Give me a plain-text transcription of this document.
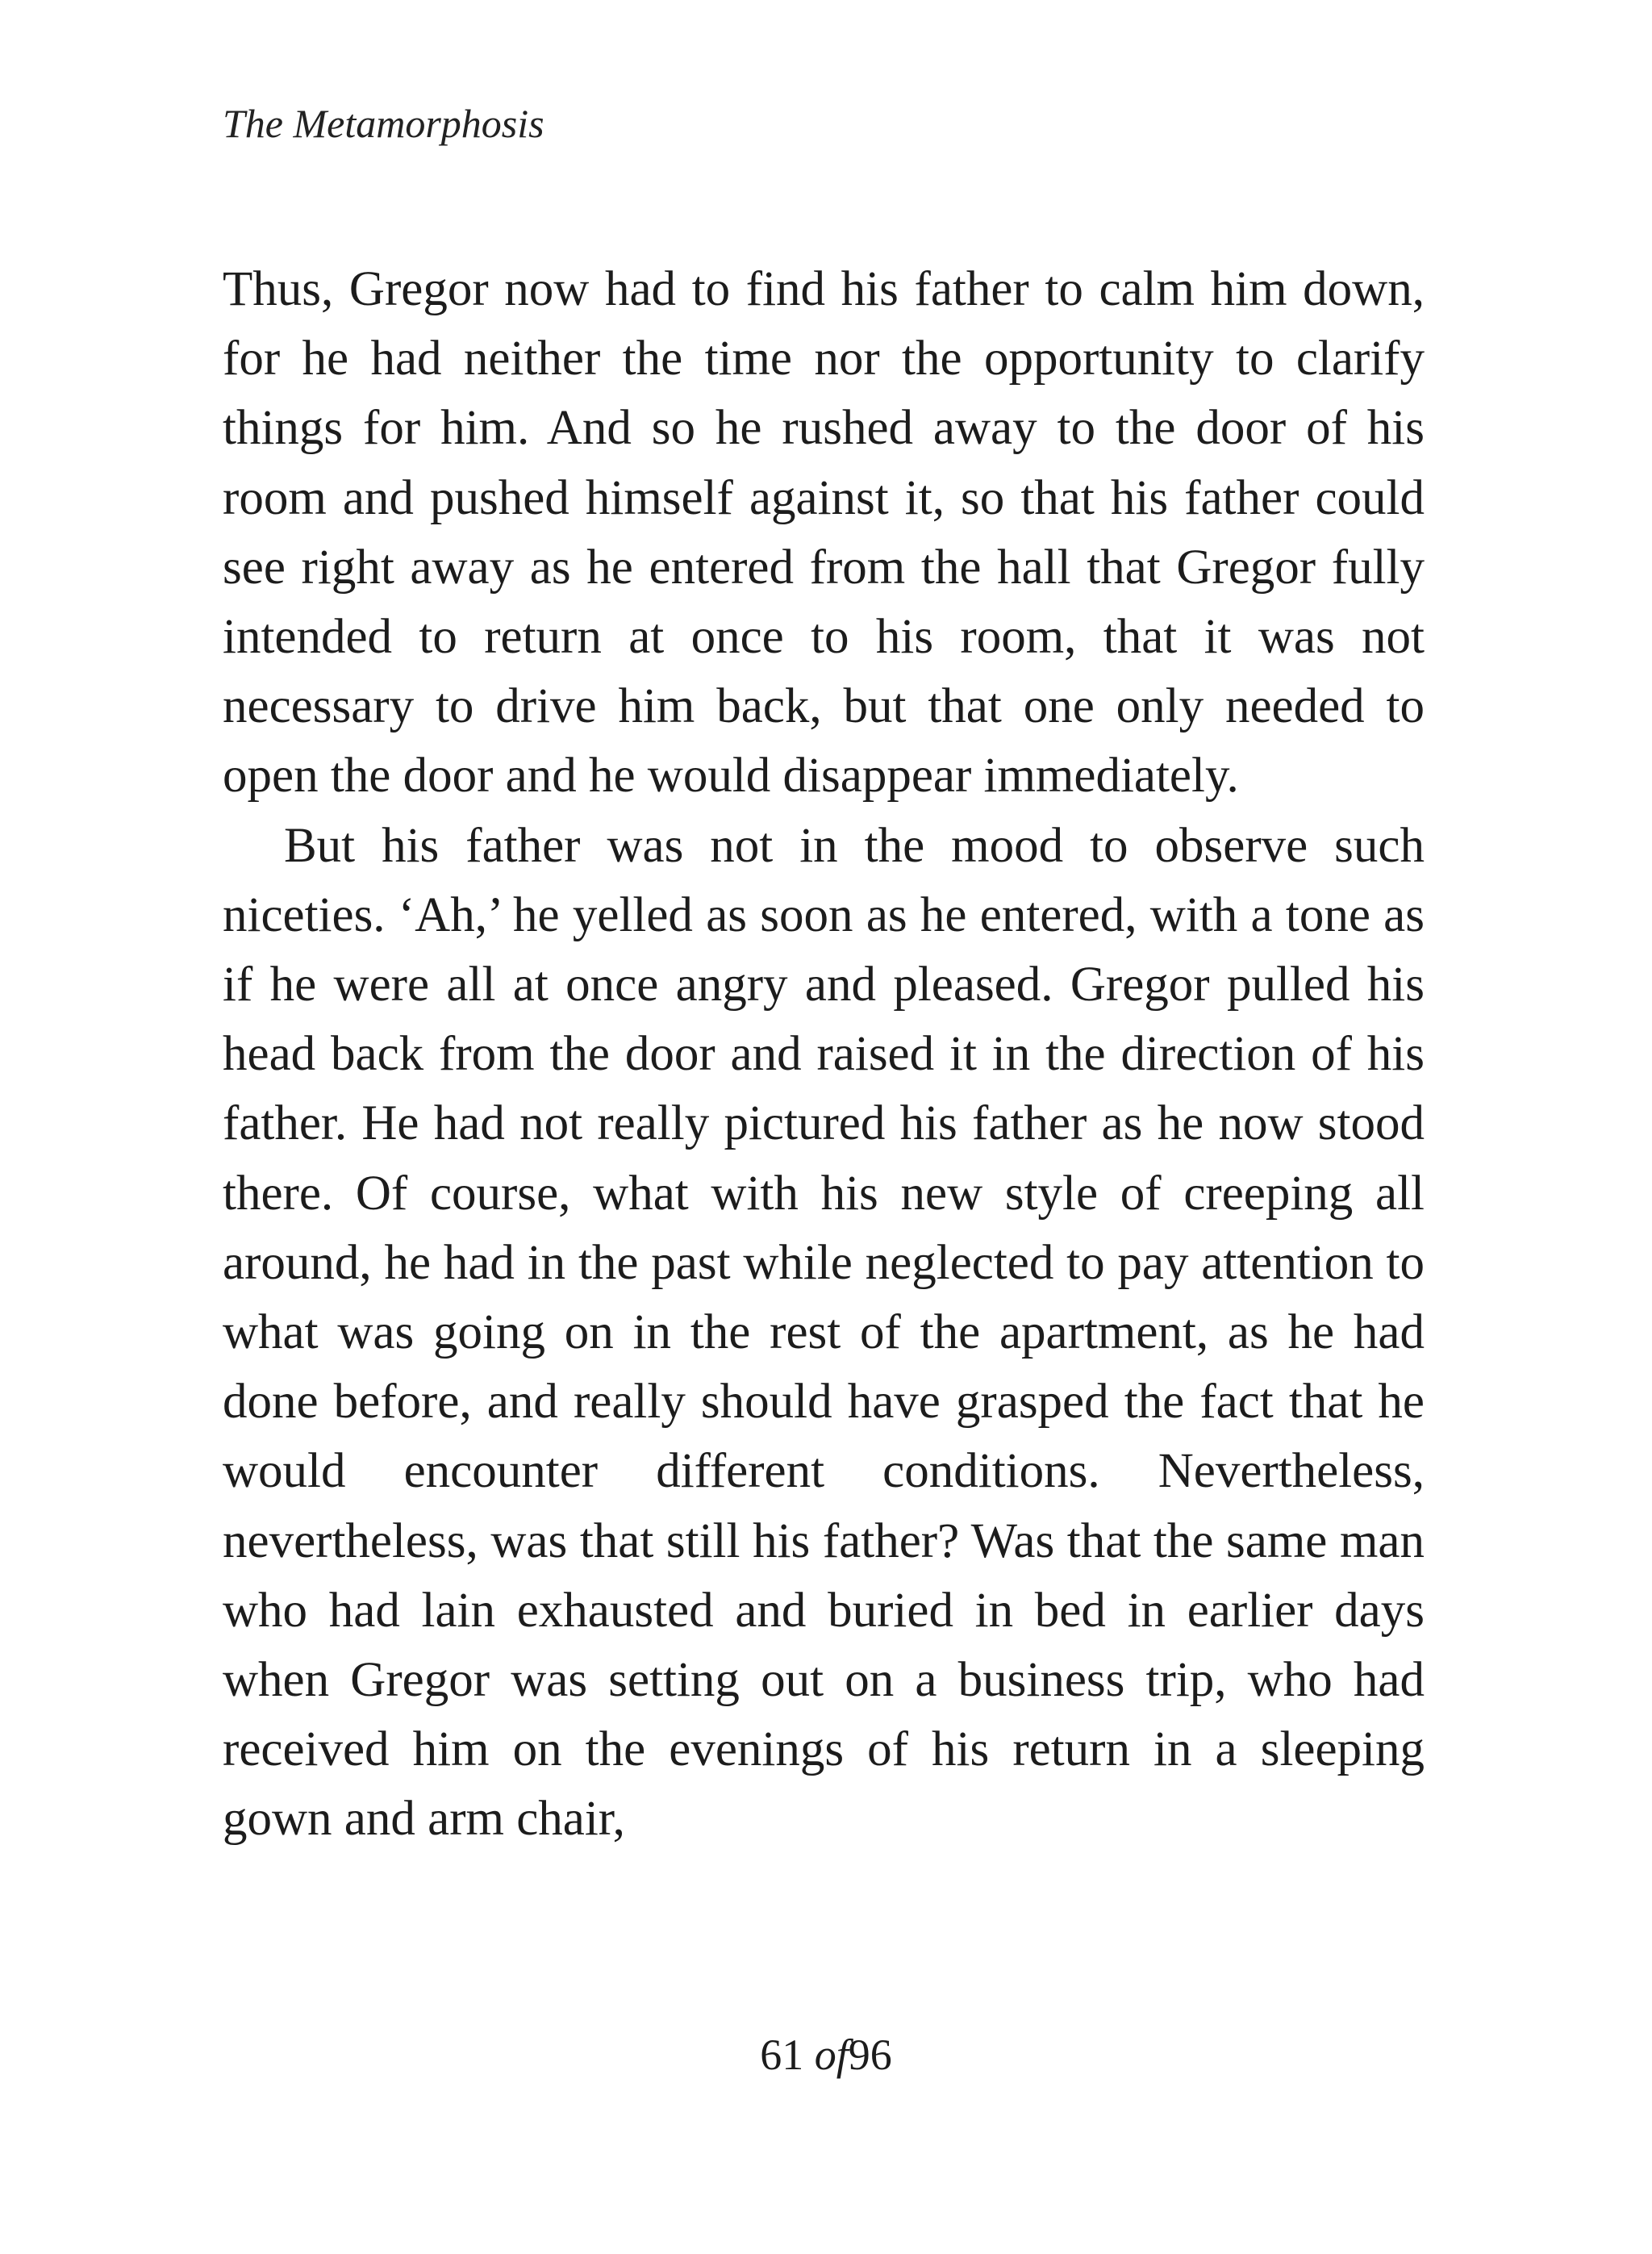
The Metamorphosis

Thus, Gregor now had to find his father to calm him down, for he had neither the time nor the opportunity to clarify things for him. And so he rushed away to the door of his room and pushed himself against it, so that his father could see right away as he entered from the hall that Gregor fully intended to return at once to his room, that it was not necessary to drive him back, but that one only needed to open the door and he would disappear immediately.

But his father was not in the mood to observe such niceties. ‘Ah,’ he yelled as soon as he entered, with a tone as if he were all at once angry and pleased. Gregor pulled his head back from the door and raised it in the direction of his father. He had not really pictured his father as he now stood there. Of course, what with his new style of creeping all around, he had in the past while neglected to pay attention to what was going on in the rest of the apartment, as he had done before, and really should have grasped the fact that he would encounter different conditions. Nevertheless, nevertheless, was that still his father? Was that the same man who had lain exhausted and buried in bed in earlier days when Gregor was setting out on a business trip, who had received him on the evenings of his return in a sleeping gown and arm chair,

61 of96
